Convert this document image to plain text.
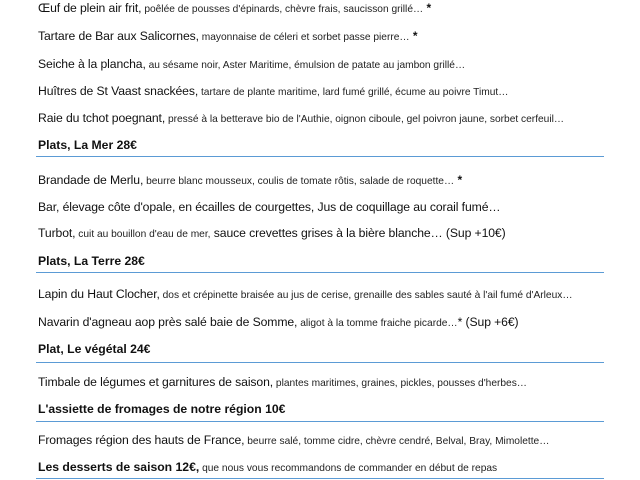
Œuf de plein air frit, poêlée de pousses d'épinards, chèvre frais, saucisson grillé… *
Tartare de Bar aux Salicornes, mayonnaise de céleri et sorbet passe pierre… *
Seiche à la plancha, au sésame noir, Aster Maritime, émulsion de patate au jambon grillé…
Huîtres de St Vaast snackées, tartare de plante maritime, lard fumé grillé, écume au poivre Timut…
Raie du tchot poegnant, pressé à la betterave bio de l'Authie, oignon ciboule, gel poivron jaune, sorbet cerfeuil…
Plats, La Mer 28€
Brandade de Merlu, beurre blanc mousseux, coulis de tomate rôtis, salade de roquette… *
Bar, élevage côte d'opale, en écailles de courgettes, Jus de coquillage au corail fumé…
Turbot, cuit au bouillon d'eau de mer, sauce crevettes grises à la bière blanche… (Sup +10€)
Plats, La Terre 28€
Lapin du Haut Clocher, dos et crépinette braisée au jus de cerise, grenaille des sables sauté à l'ail fumé d'Arleux…
Navarin d'agneau aop près salé baie de Somme, aligot à la tomme fraiche picarde…* (Sup +6€)
Plat, Le végétal 24€
Timbale de légumes et garnitures de saison, plantes maritimes, graines, pickles, pousses d'herbes…
L'assiette de fromages de notre région 10€
Fromages région des hauts de France, beurre salé, tomme cidre, chèvre cendré, Belval, Bray, Mimolette…
Les desserts de saison 12€, que nous vous recommandons de commander en début de repas
